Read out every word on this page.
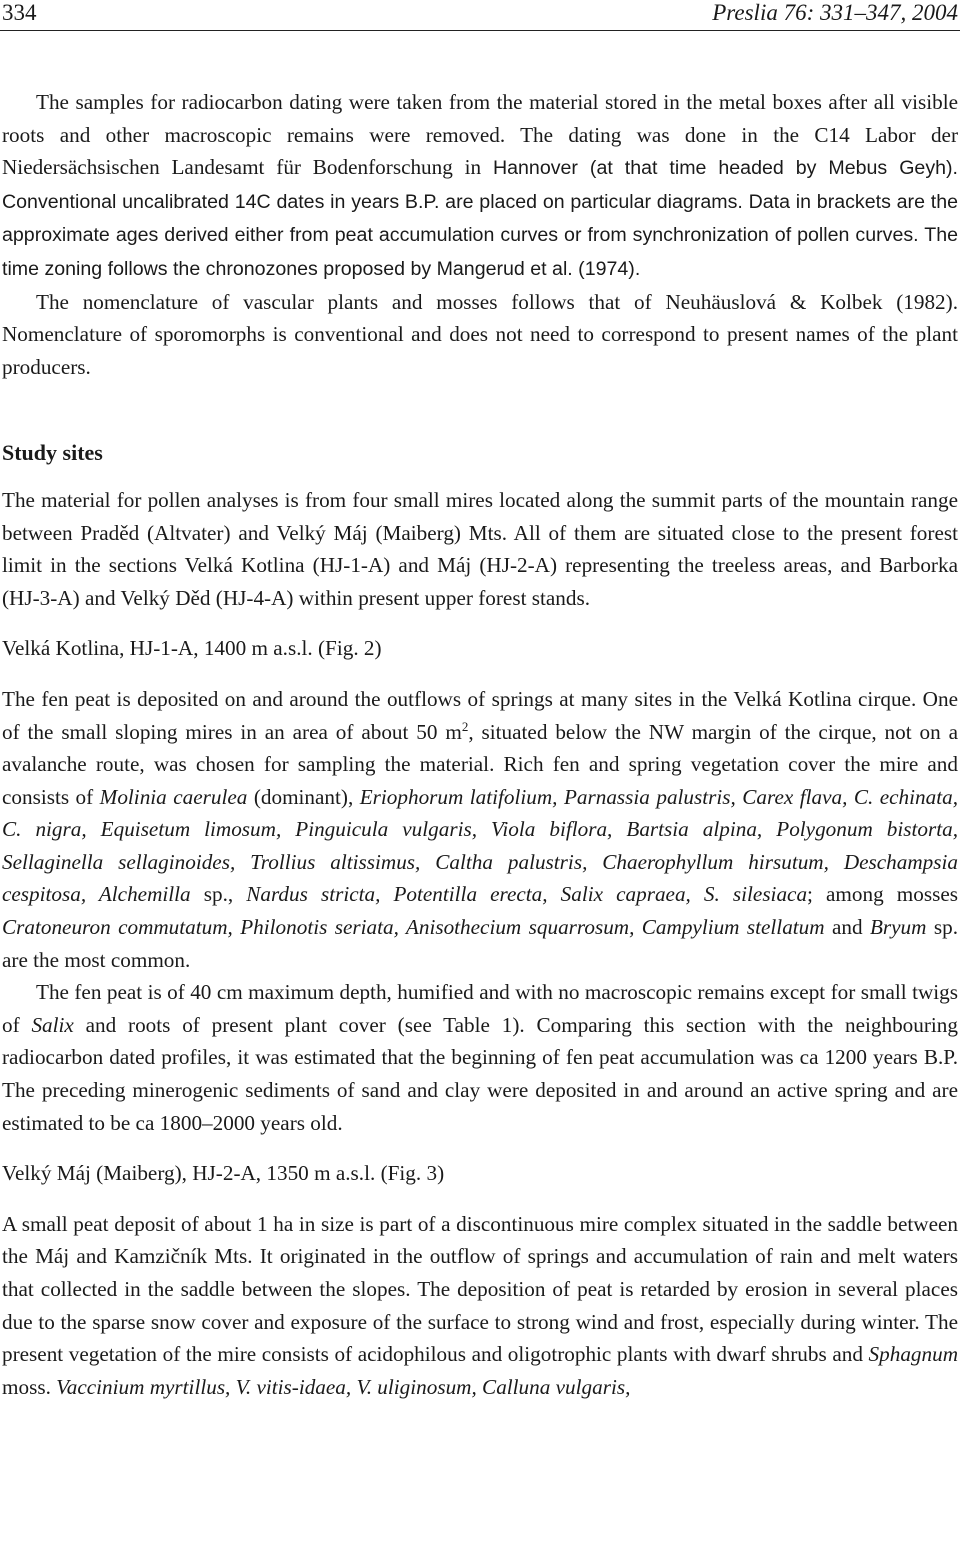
334	Preslia 76: 331–347, 2004

The samples for radiocarbon dating were taken from the material stored in the metal boxes after all visible roots and other macroscopic remains were removed. The dating was done in the C14 Labor der Niedersächsischen Landesamt für Bodenforschung in Hannover (at that time headed by Mebus Geyh). Conventional uncalibrated 14C dates in years B.P. are placed on particular diagrams. Data in brackets are the approximate ages derived either from peat accumulation curves or from synchronization of pollen curves. The time zoning follows the chronozones proposed by Mangerud et al. (1974).

The nomenclature of vascular plants and mosses follows that of Neuhäuslová & Kolbek (1982). Nomenclature of sporomorphs is conventional and does not need to correspond to present names of the plant producers.

Study sites

The material for pollen analyses is from four small mires located along the summit parts of the mountain range between Praděd (Altvater) and Velký Máj (Maiberg) Mts. All of them are situated close to the present forest limit in the sections Velká Kotlina (HJ-1-A) and Máj (HJ-2-A) representing the treeless areas, and Barborka (HJ-3-A) and Velký Děd (HJ-4-A) within present upper forest stands.

Velká Kotlina, HJ-1-A, 1400 m a.s.l. (Fig. 2)

The fen peat is deposited on and around the outflows of springs at many sites in the Velká Kotlina cirque. One of the small sloping mires in an area of about 50 $m^2$, situated below the NW margin of the cirque, not on a avalanche route, was chosen for sampling the material. Rich fen and spring vegetation cover the mire and consists of Molinia caerulea (dominant), Eriophorum latifolium, Parnassia palustris, Carex flava, C. echinata, C. nigra, Equisetum limosum, Pinguicula vulgaris, Viola biflora, Bartsia alpina, Polygonum bistorta, Sellaginella sellaginoides, Trollius altissimus, Caltha palustris, Chaerophyllum hirsutum, Deschampsia cespitosa, Alchemilla sp., Nardus stricta, Potentilla erecta, Salix capraea, S. silesiaca; among mosses Cratoneuron commutatum, Philonotis seriata, Anisothecium squarrosum, Campylium stellatum and Bryum sp. are the most common.

The fen peat is of 40 cm maximum depth, humified and with no macroscopic remains except for small twigs of Salix and roots of present plant cover (see Table 1). Comparing this section with the neighbouring radiocarbon dated profiles, it was estimated that the beginning of fen peat accumulation was ca 1200 years B.P. The preceding minerogenic sediments of sand and clay were deposited in and around an active spring and are estimated to be ca 1800–2000 years old.

Velký Máj (Maiberg), HJ-2-A, 1350 m a.s.l. (Fig. 3)

A small peat deposit of about 1 ha in size is part of a discontinuous mire complex situated in the saddle between the Máj and Kamzičník Mts. It originated in the outflow of springs and accumulation of rain and melt waters that collected in the saddle between the slopes. The deposition of peat is retarded by erosion in several places due to the sparse snow cover and exposure of the surface to strong wind and frost, especially during winter. The present vegetation of the mire consists of acidophilous and oligotrophic plants with dwarf shrubs and Sphagnum moss. Vaccinium myrtillus, V. vitis-idaea, V. uliginosum, Calluna vulgaris,
